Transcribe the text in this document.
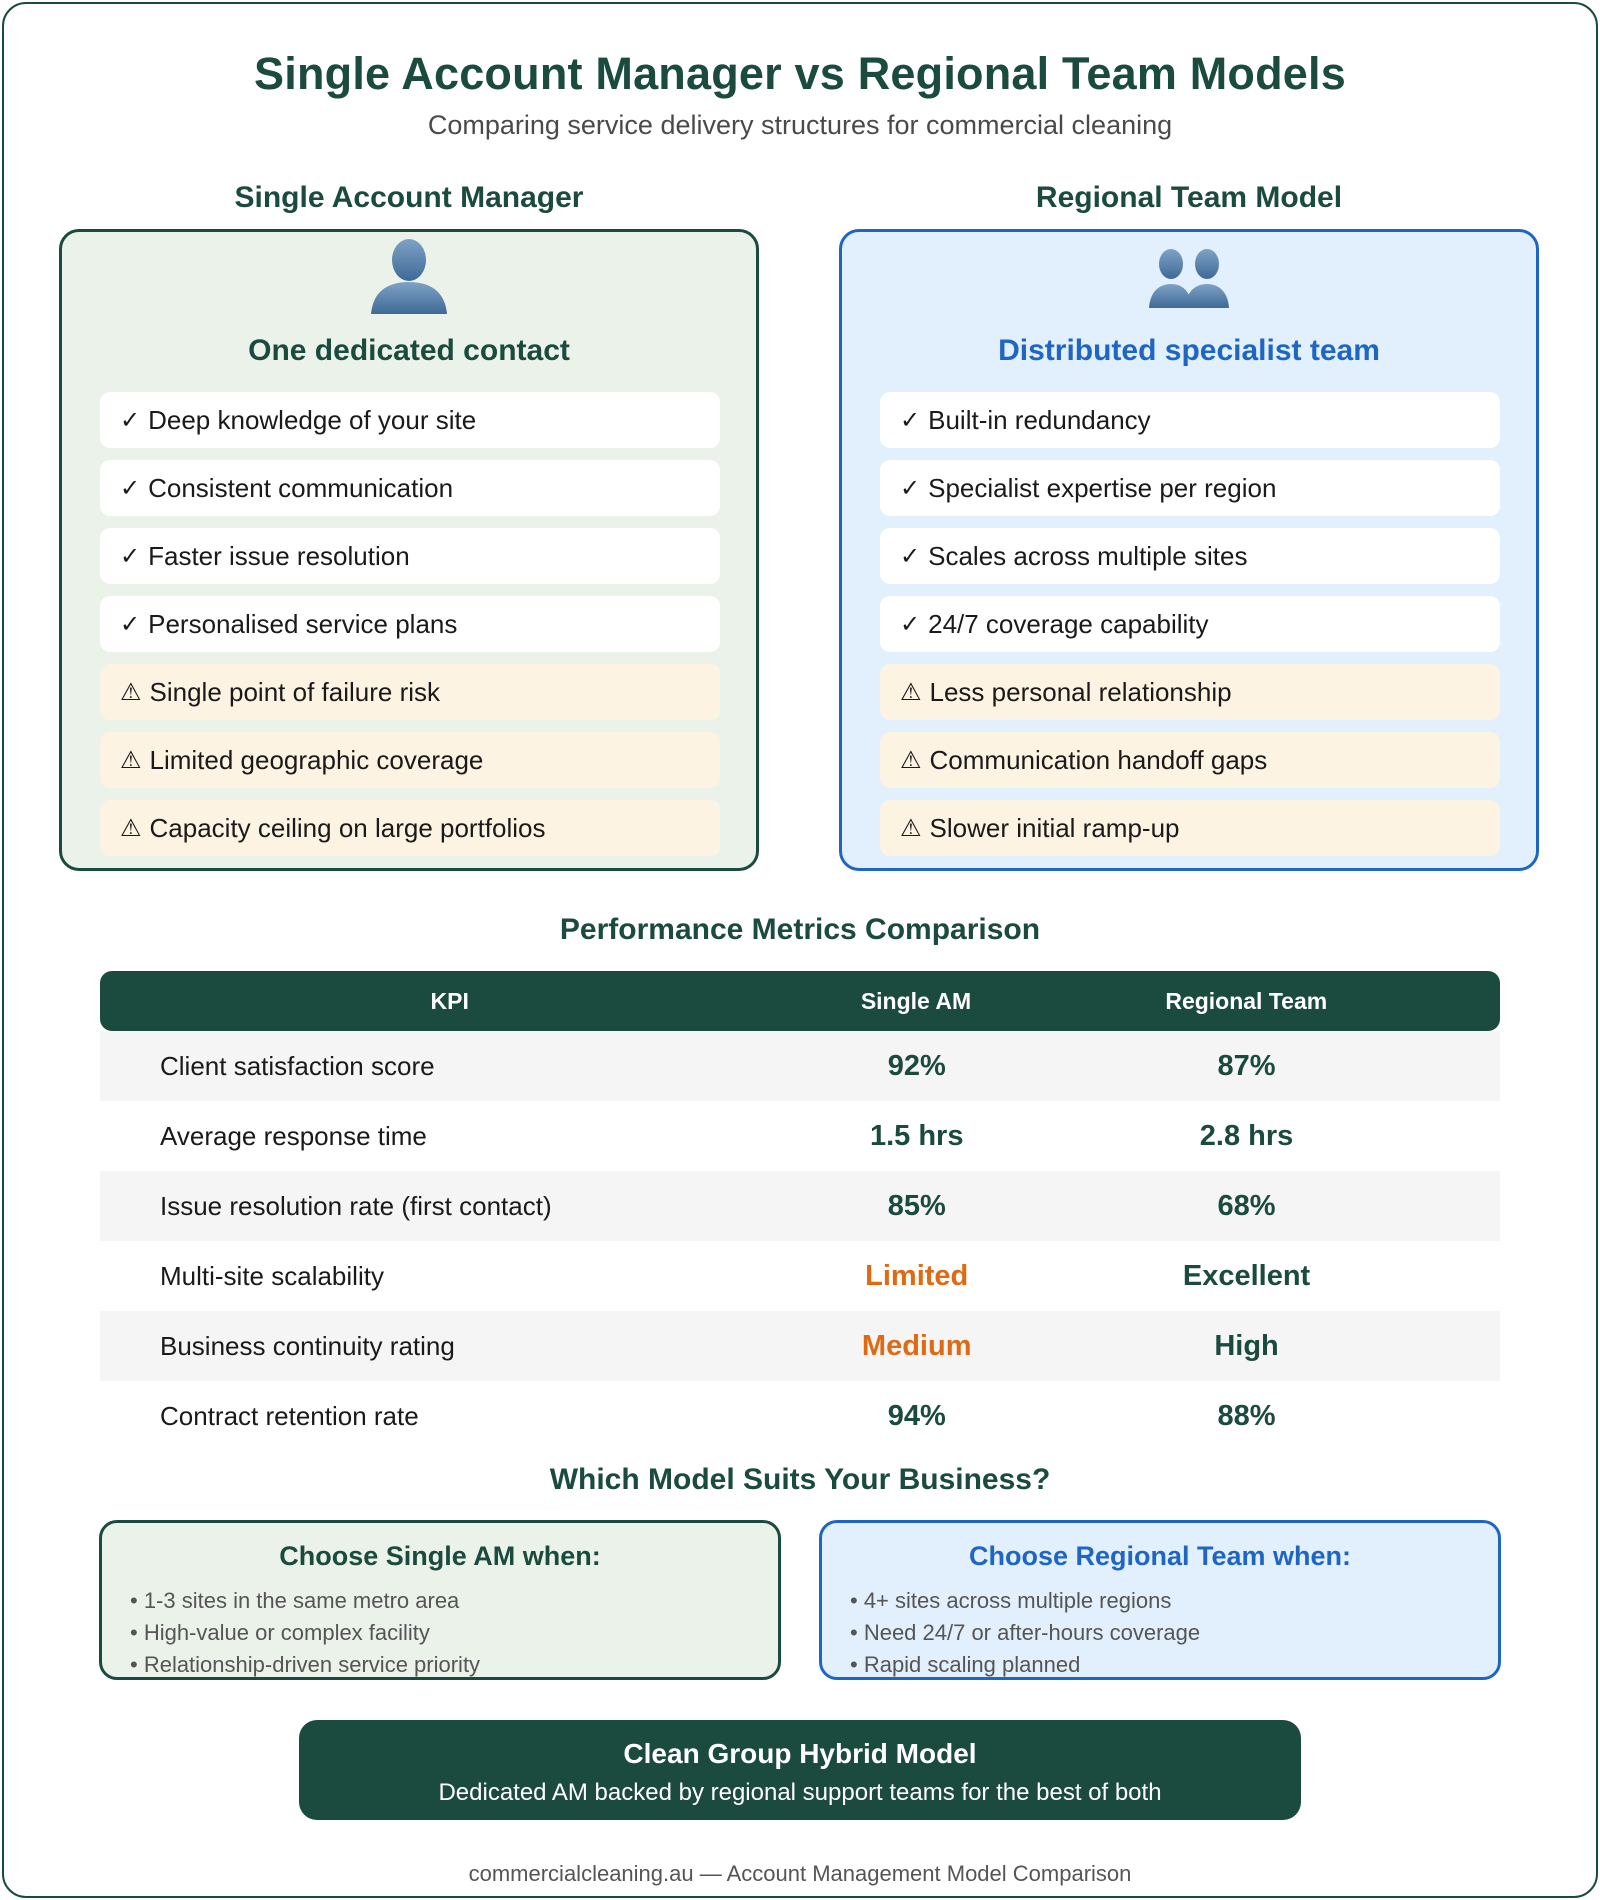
Single Account Manager vs Regional Team Models
Comparing service delivery structures for commercial cleaning
Single Account Manager	Regional Team Model
One dedicated contact
✓ Deep knowledge of your site
✓ Consistent communication
✓ Faster issue resolution
✓ Personalised service plans
⚠ Single point of failure risk
⚠ Limited geographic coverage
⚠ Capacity ceiling on large portfolios
Distributed specialist team
✓ Built-in redundancy
✓ Specialist expertise per region
✓ Scales across multiple sites
✓ 24/7 coverage capability
⚠ Less personal relationship
⚠ Communication handoff gaps
⚠ Slower initial ramp-up
Performance Metrics Comparison
KPI	Single AM	Regional Team
Client satisfaction score	92%	87%
Average response time	1.5 hrs	2.8 hrs
Issue resolution rate (first contact)	85%	68%
Multi-site scalability	Limited	Excellent
Business continuity rating	Medium	High
Contract retention rate	94%	88%
Which Model Suits Your Business?
Choose Single AM when:
• 1-3 sites in the same metro area
• High-value or complex facility
• Relationship-driven service priority
Choose Regional Team when:
• 4+ sites across multiple regions
• Need 24/7 or after-hours coverage
• Rapid scaling planned
Clean Group Hybrid Model
Dedicated AM backed by regional support teams for the best of both
commercialcleaning.au — Account Management Model Comparison
